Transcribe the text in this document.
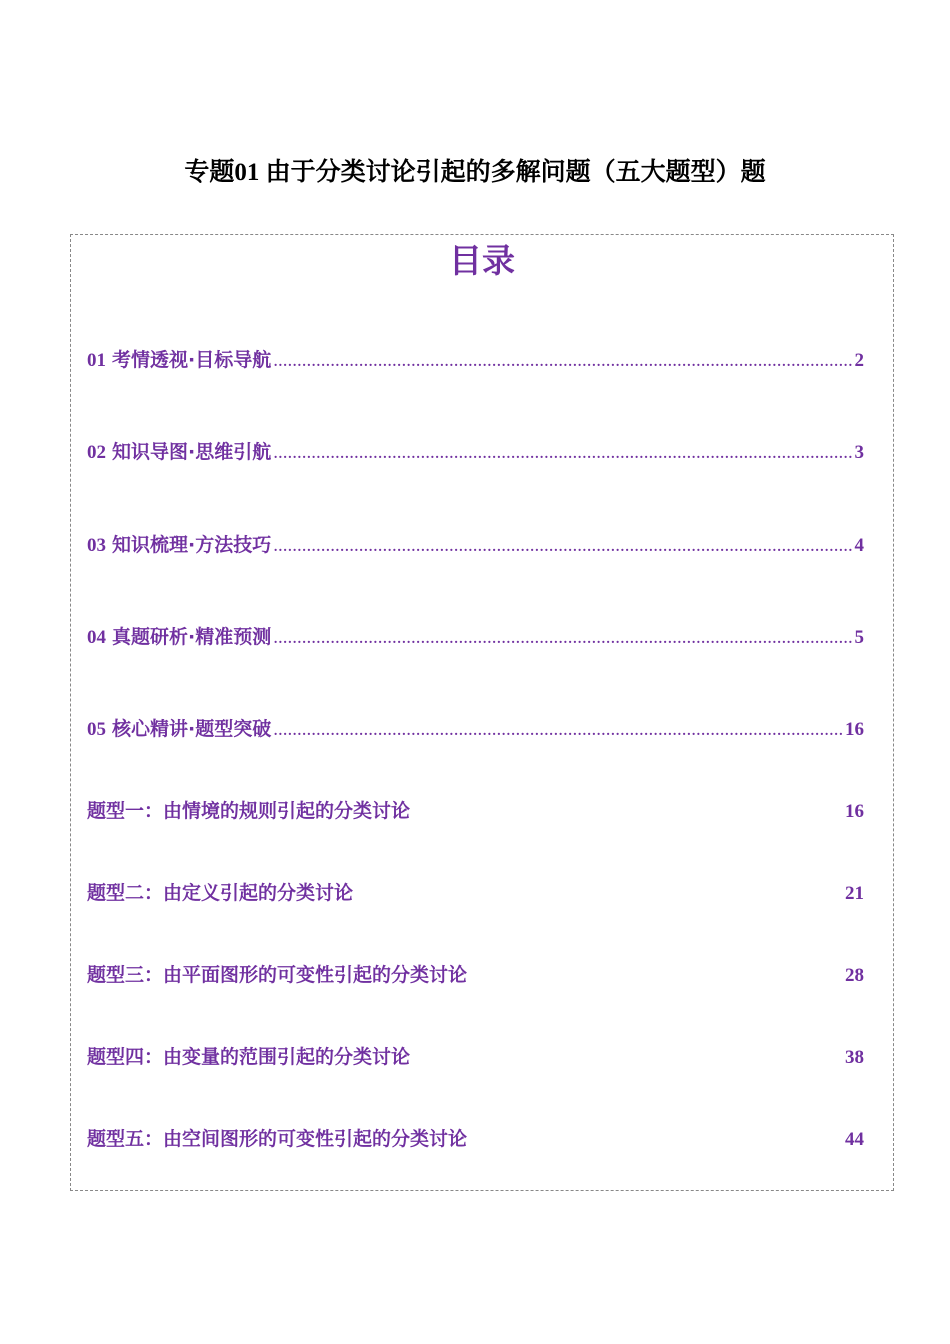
专题01 由于分类讨论引起的多解问题（五大题型）题
目录
01 考情透视·目标导航 .....	2
02 知识导图·思维引航 .....	3
03 知识梳理·方法技巧 .....	4
04 真题研析·精准预测 .....	5
05 核心精讲·题型突破 .....	16
题型一：由情境的规则引起的分类讨论	16
题型二：由定义引起的分类讨论	21
题型三：由平面图形的可变性引起的分类讨论	28
题型四：由变量的范围引起的分类讨论	38
题型五：由空间图形的可变性引起的分类讨论	44
